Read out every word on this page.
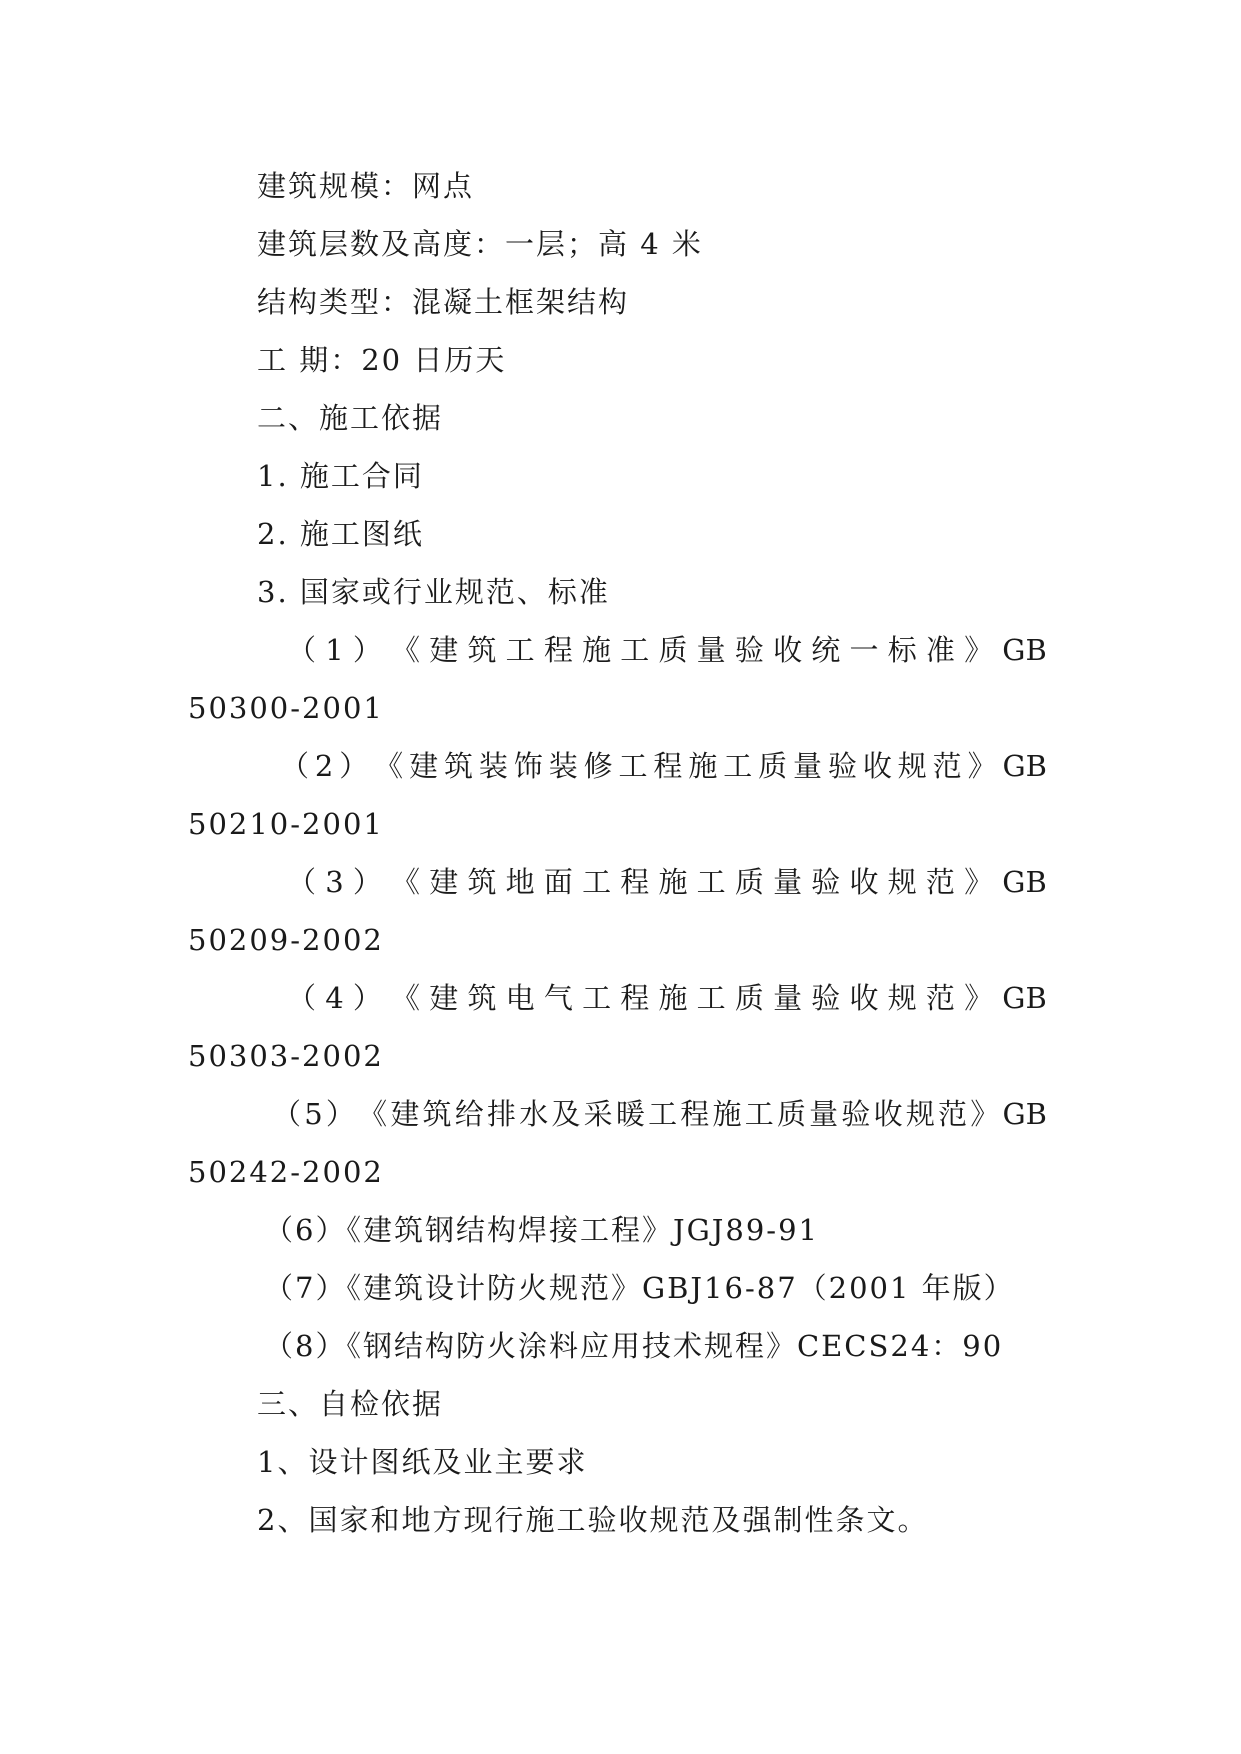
建筑规模：网点
建筑层数及高度：一层；高 4 米
结构类型：混凝土框架结构
工 期：20 日历天
二、施工依据
1. 施工合同
2. 施工图纸
3. 国家或行业规范、标准
（ 1 ） 《 建 筑 工 程 施 工 质 量 验 收 统 一 标 准 》 GB
50300-2001
（ 2 ） 《 建 筑 装 饰 装 修 工 程 施 工 质 量 验 收 规 范 》 GB
50210-2001
（ 3 ） 《 建 筑 地 面 工 程 施 工 质 量 验 收 规 范 》 GB
50209-2002
（ 4 ） 《 建 筑 电 气 工 程 施 工 质 量 验 收 规 范 》 GB
50303-2002
（ 5 ） 《 建 筑 给 排 水 及 采 暖 工 程 施 工 质 量 验 收 规 范 》 GB
50242-2002
（6）《建筑钢结构焊接工程》JGJ89-91
（7）《建筑设计防火规范》GBJ16-87（2001 年版）
（8）《钢结构防火涂料应用技术规程》CECS24：90
三、自检依据
1、设计图纸及业主要求
2、国家和地方现行施工验收规范及强制性条文。
